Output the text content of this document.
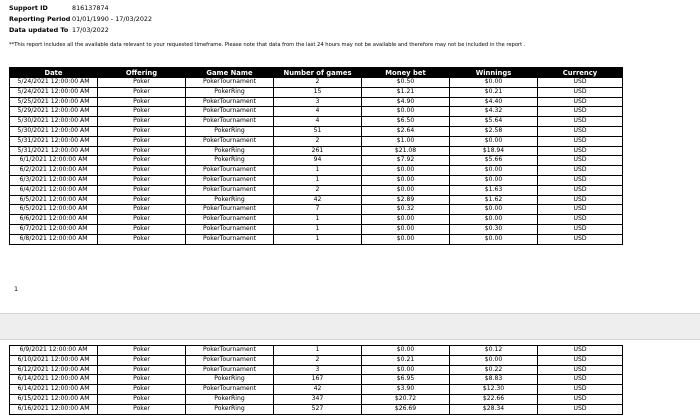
Support ID	816137874
Reporting Period 01/01/1990 - 17/03/2022
Data updated To 17/03/2022
**This report includes all the available data relevant to your requested timeframe. Please note that data from the last 24 hours may not be available and therefore may not be included in the report .
Date	Offering	Game Name	Number of games	Money bet	Winnings	Currency
5/24/2021 12:00:00 AM	Poker	PokerTournament	2	$0.50	$0.00	USD
5/24/2021 12:00:00 AM	Poker	PokerRing	15	$1.21	$0.21	USD
5/25/2021 12:00:00 AM	Poker	PokerTournament	3	$4.90	$4.40	USD
5/29/2021 12:00:00 AM	Poker	PokerTournament	4	$0.00	$4.32	USD
5/30/2021 12:00:00 AM	Poker	PokerTournament	4	$6.50	$5.64	USD
5/30/2021 12:00:00 AM	Poker	PokerRing	51	$2.64	$2.58	USD
5/31/2021 12:00:00 AM	Poker	PokerTournament	2	$1.00	$0.00	USD
5/31/2021 12:00:00 AM	Poker	PokerRing	261	$21.08	$18.94	USD
6/1/2021 12:00:00 AM	Poker	PokerRing	94	$7.92	$5.66	USD
6/2/2021 12:00:00 AM	Poker	PokerTournament	1	$0.00	$0.00	USD
6/3/2021 12:00:00 AM	Poker	PokerTournament	1	$0.00	$0.00	USD
6/4/2021 12:00:00 AM	Poker	PokerTournament	2	$0.00	$1.63	USD
6/5/2021 12:00:00 AM	Poker	PokerRing	42	$2.89	$1.62	USD
6/5/2021 12:00:00 AM	Poker	PokerTournament	7	$0.32	$0.00	USD
6/6/2021 12:00:00 AM	Poker	PokerTournament	1	$0.00	$0.00	USD
6/7/2021 12:00:00 AM	Poker	PokerTournament	1	$0.00	$0.30	USD
6/8/2021 12:00:00 AM	Poker	PokerTournament	1	$0.00	$0.00	USD
1
6/9/2021 12:00:00 AM	Poker	PokerTournament	1	$0.00	$0.12	USD
6/10/2021 12:00:00 AM	Poker	PokerTournament	2	$0.21	$0.00	USD
6/12/2021 12:00:00 AM	Poker	PokerTournament	3	$0.00	$0.22	USD
6/14/2021 12:00:00 AM	Poker	PokerRing	167	$6.95	$8.83	USD
6/14/2021 12:00:00 AM	Poker	PokerTournament	42	$3.90	$12.30	USD
6/15/2021 12:00:00 AM	Poker	PokerRing	347	$20.72	$22.66	USD
6/16/2021 12:00:00 AM	Poker	PokerRing	527	$26.69	$28.34	USD
